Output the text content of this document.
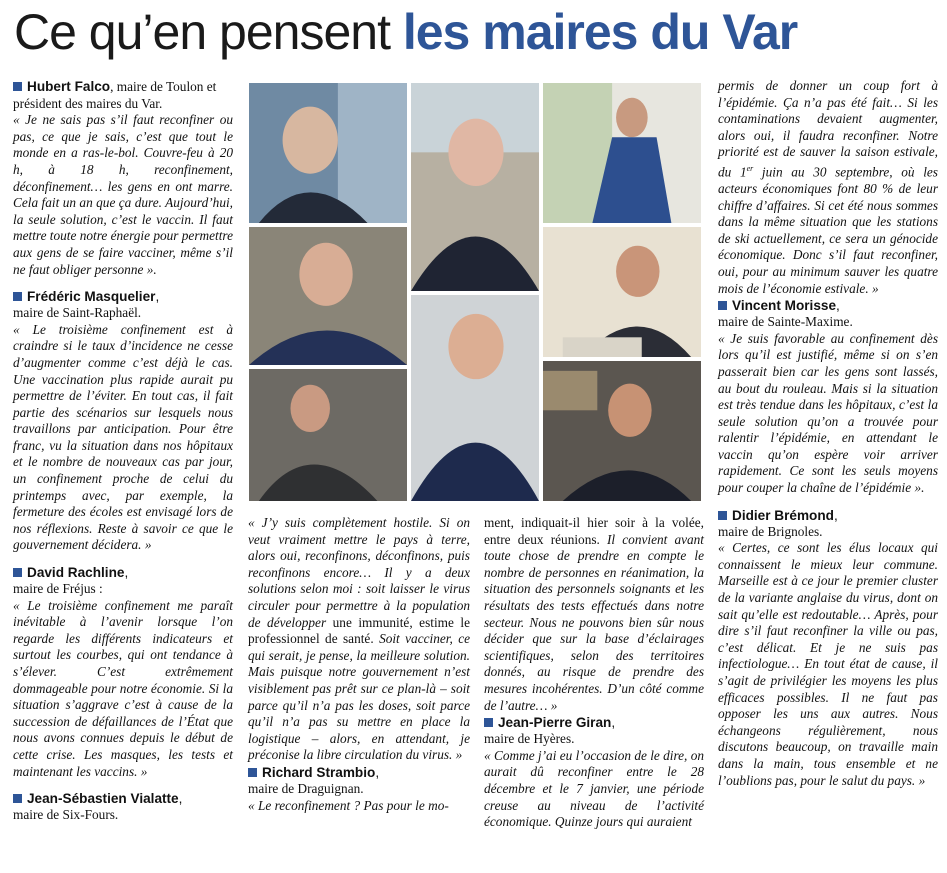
Ce qu’en pensent les maires du Var

Hubert Falco, maire de Toulon et président des maires du Var.

« Je ne sais pas s’il faut reconfiner ou pas, ce que je sais, c’est que tout le monde en a ras-le-bol. Couvre-feu à 20 h, à 18 h, reconfinement, déconfinement… les gens en ont marre. Cela fait un an que ça dure. Aujourd’hui, la seule solution, c’est le vaccin. Il faut mettre toute notre énergie pour permettre aux gens de se faire vacciner, même s’il ne faut obliger personne ».

Frédéric Masquelier,

maire de Saint-Raphaël.

« Le troisième confinement est à craindre si le taux d’incidence ne cesse d’augmenter comme c’est déjà le cas. Une vaccination plus rapide aurait pu permettre de l’éviter. En tout cas, il fait partie des scénarios sur lesquels nous travaillons par anticipation. Pour être franc, vu la situation dans nos hôpitaux et le nombre de nouveaux cas par jour, un confinement proche de celui du printemps avec, par exemple, la fermeture des écoles est envisagé lors de nos réflexions. Reste à savoir ce que le gouvernement décidera. »

David Rachline,

maire de Fréjus :

« Le troisième confinement me paraît inévitable à l’avenir lorsque l’on regarde les différents indicateurs et surtout les courbes, qui ont tendance à s’élever. C’est extrêmement dommageable pour notre économie. Si la situation s’aggrave c’est à cause de la succession de défaillances de l’État que nous avons connues depuis le début de cette crise. Les masques, les tests et maintenant les vaccins. »

Jean-Sébastien Vialatte,

maire de Six-Fours.

« J’y suis complètement hostile. Si on veut vraiment mettre le pays à terre, alors oui, reconfinons, déconfinons, puis reconfinons encore… Il y a deux solutions selon moi : soit laisser le virus circuler pour permettre à la population de développer une immunité, estime le professionnel de santé. Soit vacciner, ce qui serait, je pense, la meilleure solution. Mais puisque notre gouvernement n’est visiblement pas prêt sur ce plan-là – soit parce qu’il n’a pas les doses, soit parce qu’il n’a pas su mettre en place la logistique – alors, en attendant, je préconise la libre circulation du virus. »

Richard Strambio,

maire de Draguignan.

« Le reconfinement ? Pas pour le mo-

ment, indiquait-il hier soir à la volée, entre deux réunions. Il convient avant toute chose de prendre en compte le nombre de personnes en réanimation, la situation des personnels soignants et les résultats des tests effectués dans notre secteur. Nous ne pouvons bien sûr nous décider que sur la base d’éclairages scientifiques, selon des territoires donnés, au risque de prendre des mesures incohérentes. D’un côté comme de l’autre… »

Jean-Pierre Giran,

maire de Hyères.

« Comme j’ai eu l’occasion de le dire, on aurait dû reconfiner entre le 28 décembre et le 7 janvier, une période creuse au niveau de l’activité économique. Quinze jours qui auraient

permis de donner un coup fort à l’épidémie. Ça n’a pas été fait… Si les contaminations devaient augmenter, alors oui, il faudra reconfiner. Notre priorité est de sauver la saison estivale, du 1er juin au 30 septembre, où les acteurs économiques font 80 % de leur chiffre d’affaires. Si cet été nous sommes dans la même situation que les stations de ski actuellement, ce sera un génocide économique. Donc s’il faut reconfiner, oui, pour au minimum sauver les quatre mois de l’économie estivale. »

Vincent Morisse,

maire de Sainte-Maxime.

« Je suis favorable au confinement dès lors qu’il est justifié, même si on s’en passerait bien car les gens sont lassés, au bout du rouleau. Mais si la situation est très tendue dans les hôpitaux, c’est la seule solution qu’on a trouvée pour ralentir l’épidémie, en attendant le vaccin qu’on espère voir arriver rapidement. Ce sont les seuls moyens pour couper la chaîne de l’épidémie ».

Didier Brémond,

maire de Brignoles.

« Certes, ce sont les élus locaux qui connaissent le mieux leur commune. Marseille est à ce jour le premier cluster de la variante anglaise du virus, dont on sait qu’elle est redoutable… Après, pour dire s’il faut reconfiner la ville ou pas, c’est délicat. Et je ne suis pas infectiologue… En tout état de cause, il s’agit de privilégier les moyens les plus efficaces possibles. Il ne faut pas opposer les uns aux autres. Nous échangeons régulièrement, nous discutons beaucoup, on travaille main dans la main, tous ensemble et ne l’oublions pas, pour le salut du pays. »
